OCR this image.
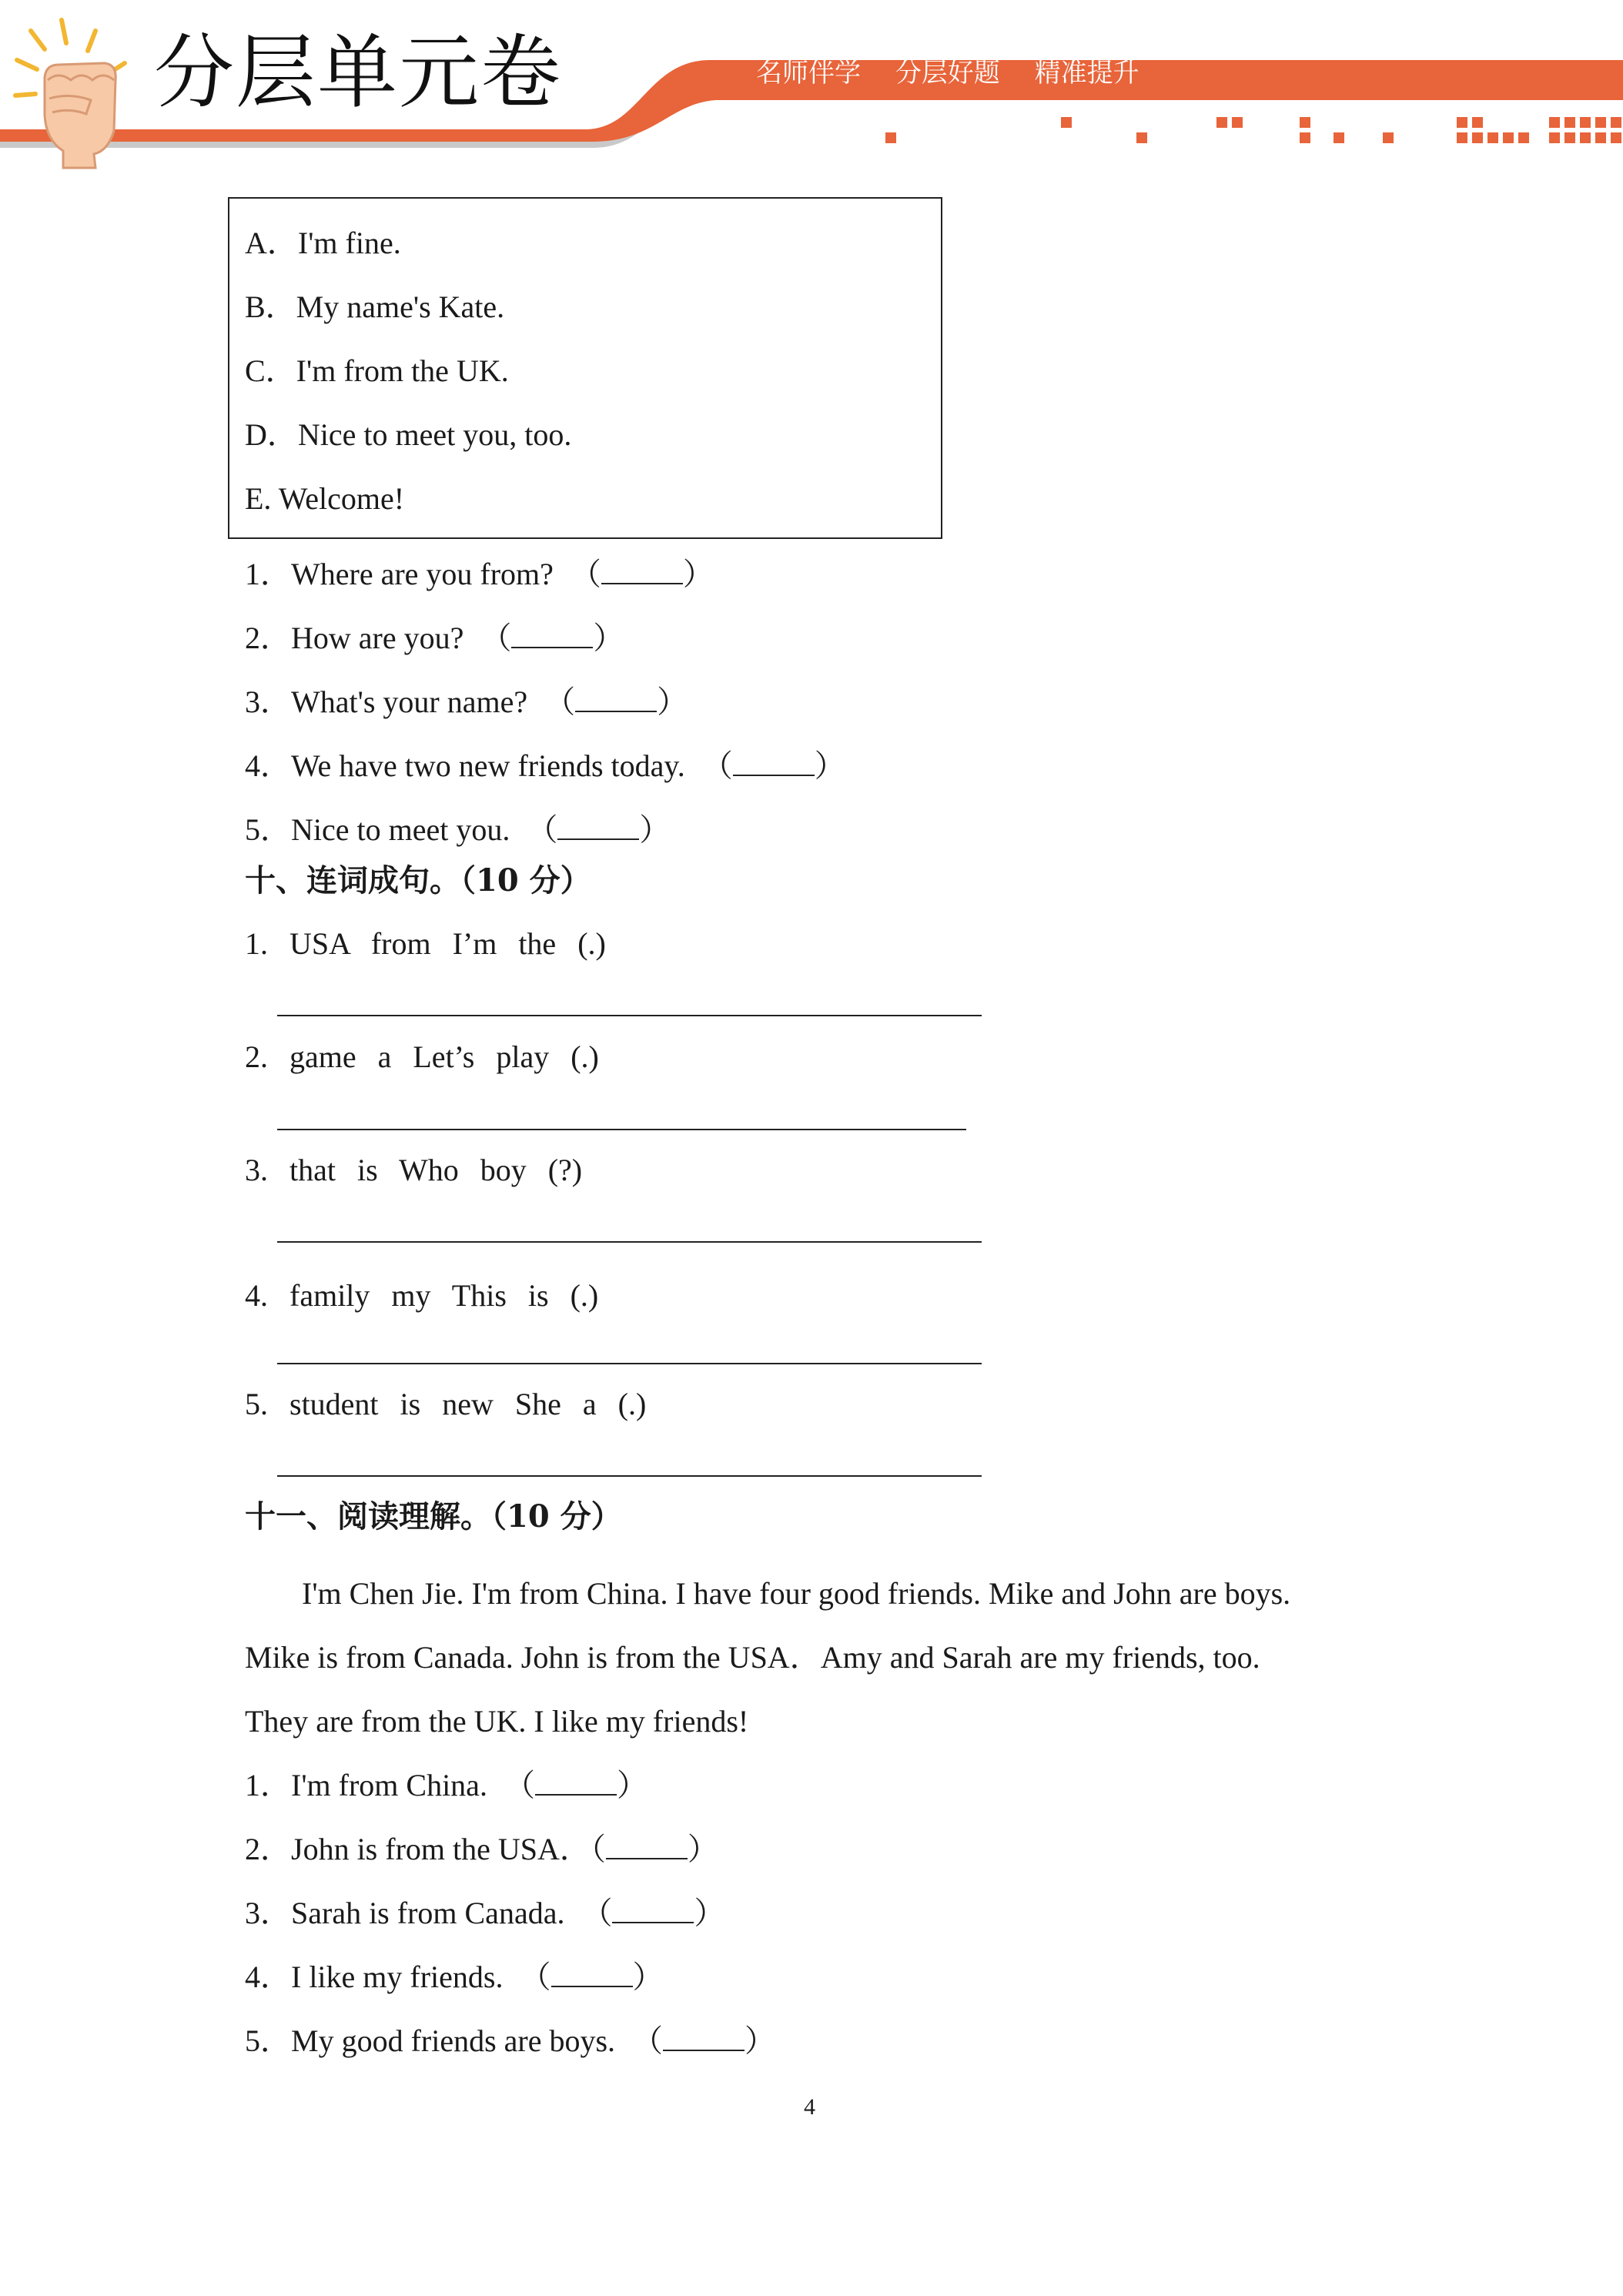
分层单元卷	名师伴学 分层好题 精准提升
A．I'm fine.
B．My name's Kate.
C．I'm from the UK.
D．Nice to meet you, too.
E. Welcome!
1．Where are you from? （	）
2．How are you? （	）
3．What's your name? （	）
4．We have two new friends today. （	）
5．Nice to meet you. （	）
十、连词成句。（10 分）
1. USA from I’m the (.)
2. game a Let’s play (.)
3. that is Who boy (?)
4. family my This is (.)
5. student is new She a (.)
十一、阅读理解。（10 分）
I'm Chen Jie. I'm from China. I have four good friends. Mike and John are boys.
Mike is from Canada. John is from the USA．Amy and Sarah are my friends, too.
They are from the UK. I like my friends!
1．I'm from China. （	）
2．John is from the USA．（	）
3．Sarah is from Canada. （	）
4．I like my friends. （	）
5．My good friends are boys. （	）
4
